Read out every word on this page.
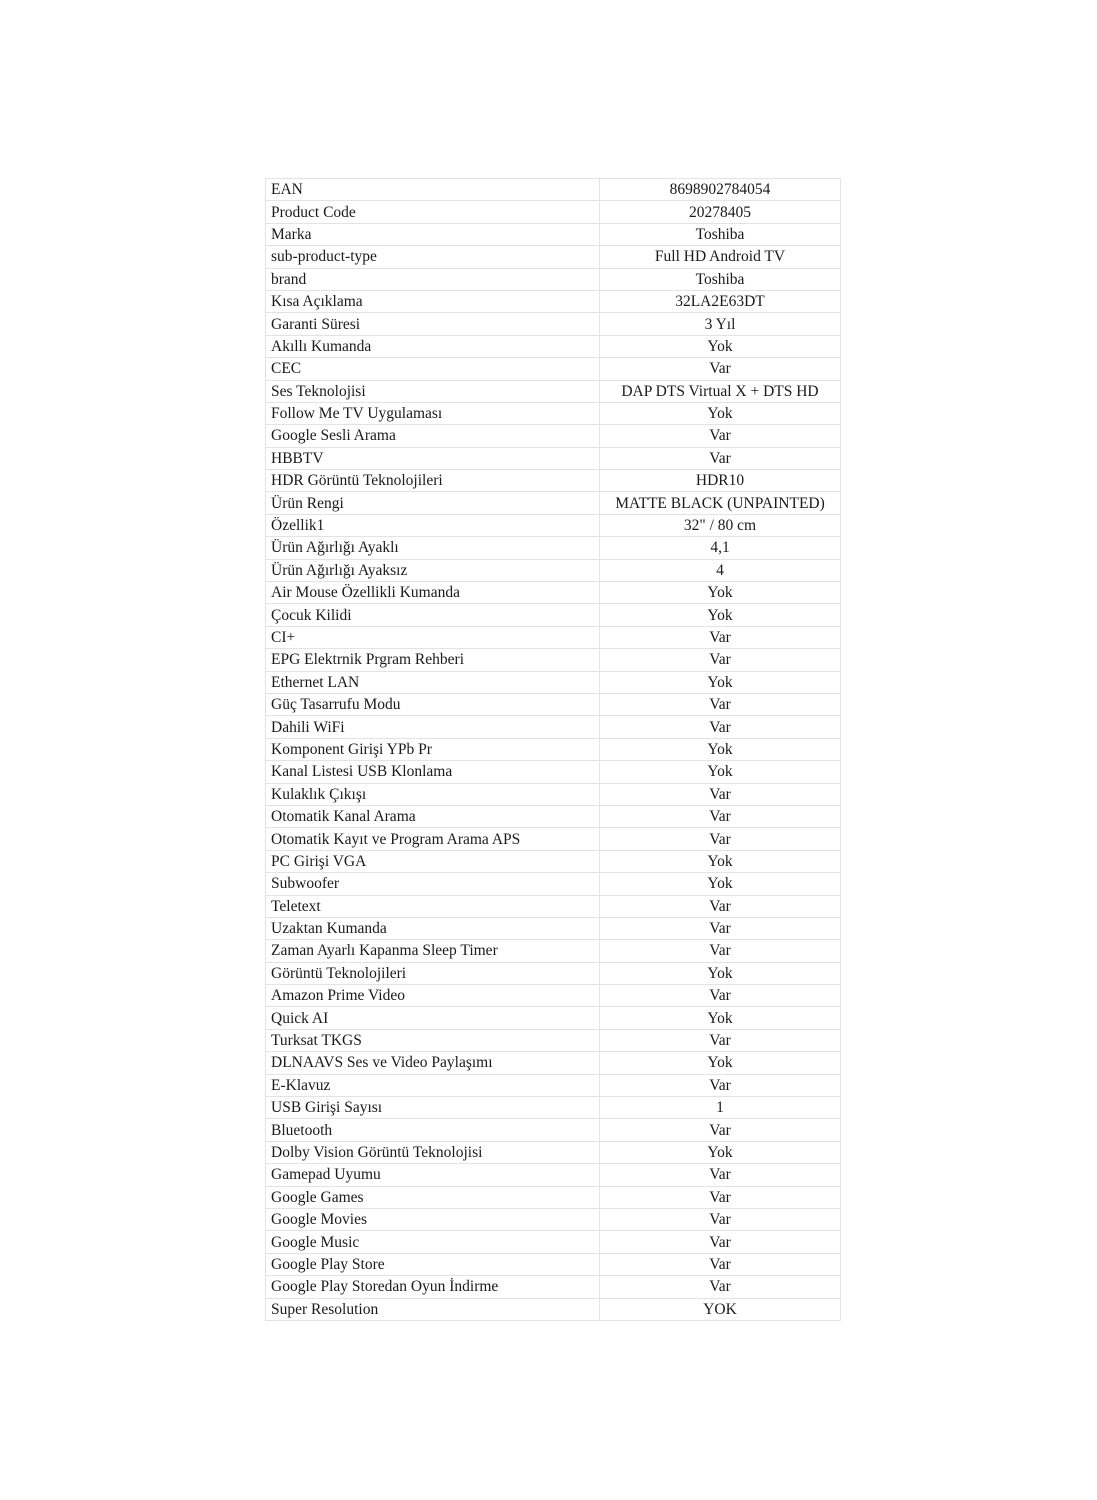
EAN	8698902784054
Product Code	20278405
Marka	Toshiba
sub-product-type	Full HD Android TV
brand	Toshiba
Kısa Açıklama	32LA2E63DT
Garanti Süresi	3 Yıl
Akıllı Kumanda	Yok
CEC	Var
Ses Teknolojisi	DAP DTS Virtual X + DTS HD
Follow Me TV Uygulaması	Yok
Google Sesli Arama	Var
HBBTV	Var
HDR Görüntü Teknolojileri	HDR10
Ürün Rengi	MATTE BLACK (UNPAINTED)
Özellik1	32" / 80 cm
Ürün Ağırlığı Ayaklı	4,1
Ürün Ağırlığı Ayaksız	4
Air Mouse Özellikli Kumanda	Yok
Çocuk Kilidi	Yok
CI+	Var
EPG Elektrnik Prgram Rehberi	Var
Ethernet LAN	Yok
Güç Tasarrufu Modu	Var
Dahili WiFi	Var
Komponent Girişi YPb Pr	Yok
Kanal Listesi USB Klonlama	Yok
Kulaklık Çıkışı	Var
Otomatik Kanal Arama	Var
Otomatik Kayıt ve Program Arama APS	Var
PC Girişi VGA	Yok
Subwoofer	Yok
Teletext	Var
Uzaktan Kumanda	Var
Zaman Ayarlı Kapanma Sleep Timer	Var
Görüntü Teknolojileri	Yok
Amazon Prime Video	Var
Quick AI	Yok
Turksat TKGS	Var
DLNAAVS Ses ve Video Paylaşımı	Yok
E-Klavuz	Var
USB Girişi Sayısı	1
Bluetooth	Var
Dolby Vision Görüntü Teknolojisi	Yok
Gamepad Uyumu	Var
Google Games	Var
Google Movies	Var
Google Music	Var
Google Play Store	Var
Google Play Storedan Oyun İndirme	Var
Super Resolution	YOK
